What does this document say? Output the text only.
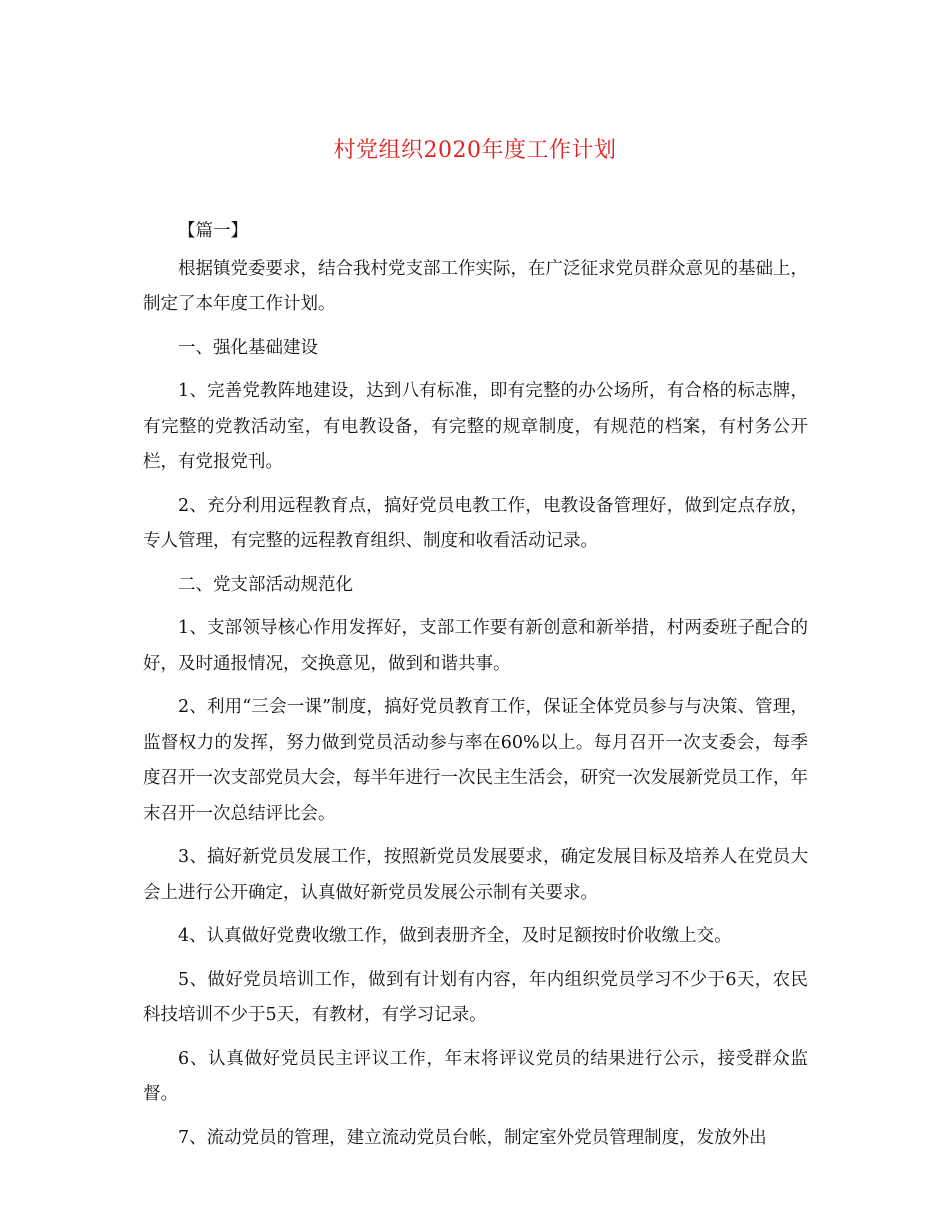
村党组织2020年度工作计划

【篇一】

根据镇党委要求，结合我村党支部工作实际，在广泛征求党员群众意见的基础上，制定了本年度工作计划。

一、强化基础建设

1、完善党教阵地建设，达到八有标准，即有完整的办公场所，有合格的标志牌，有完整的党教活动室，有电教设备，有完整的规章制度，有规范的档案，有村务公开栏，有党报党刊。

2、充分利用远程教育点，搞好党员电教工作，电教设备管理好，做到定点存放，专人管理，有完整的远程教育组织、制度和收看活动记录。

二、党支部活动规范化

1、支部领导核心作用发挥好，支部工作要有新创意和新举措，村两委班子配合的好，及时通报情况，交换意见，做到和谐共事。

2、利用“三会一课”制度，搞好党员教育工作，保证全体党员参与与决策、管理，监督权力的发挥，努力做到党员活动参与率在60%以上。每月召开一次支委会，每季度召开一次支部党员大会，每半年进行一次民主生活会，研究一次发展新党员工作，年末召开一次总结评比会。

3、搞好新党员发展工作，按照新党员发展要求，确定发展目标及培养人在党员大会上进行公开确定，认真做好新党员发展公示制有关要求。

4、认真做好党费收缴工作，做到表册齐全，及时足额按时价收缴上交。

5、做好党员培训工作，做到有计划有内容，年内组织党员学习不少于6天，农民科技培训不少于5天，有教材，有学习记录。

6、认真做好党员民主评议工作，年末将评议党员的结果进行公示，接受群众监督。

7、流动党员的管理，建立流动党员台帐，制定室外党员管理制度，发放外出
